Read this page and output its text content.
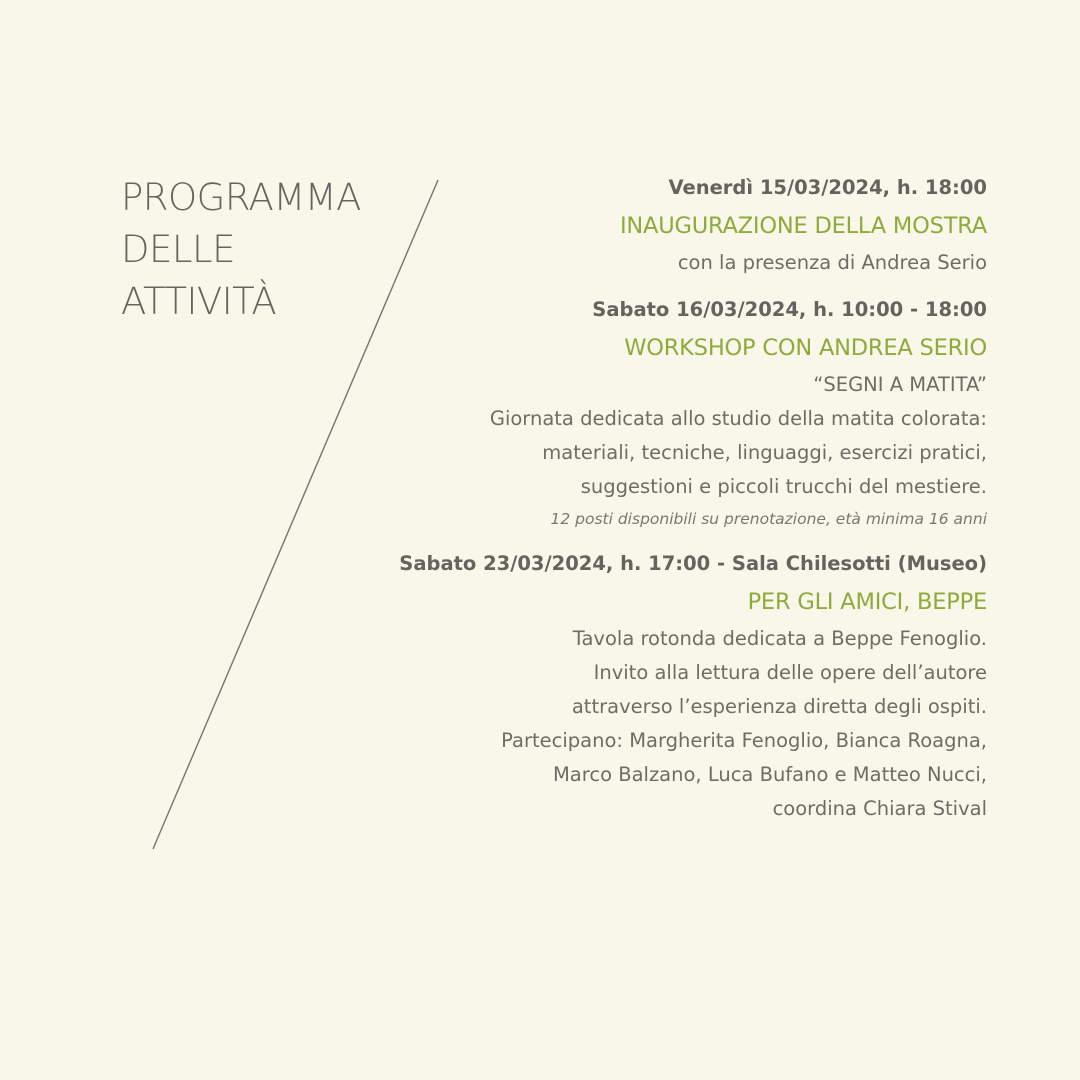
PROGRAMMA
DELLE
ATTIVITÀ
Venerdì 15/03/2024, h. 18:00
INAUGURAZIONE DELLA MOSTRA
con la presenza di Andrea Serio
Sabato 16/03/2024, h. 10:00 - 18:00
WORKSHOP CON ANDREA SERIO
“SEGNI A MATITA”
Giornata dedicata allo studio della matita colorata:
materiali, tecniche, linguaggi, esercizi pratici,
suggestioni e piccoli trucchi del mestiere.
12 posti disponibili su prenotazione, età minima 16 anni
Sabato 23/03/2024, h. 17:00 - Sala Chilesotti (Museo)
PER GLI AMICI, BEPPE
Tavola rotonda dedicata a Beppe Fenoglio.
Invito alla lettura delle opere dell’autore
attraverso l’esperienza diretta degli ospiti.
Partecipano: Margherita Fenoglio, Bianca Roagna,
Marco Balzano, Luca Bufano e Matteo Nucci,
coordina Chiara Stival
